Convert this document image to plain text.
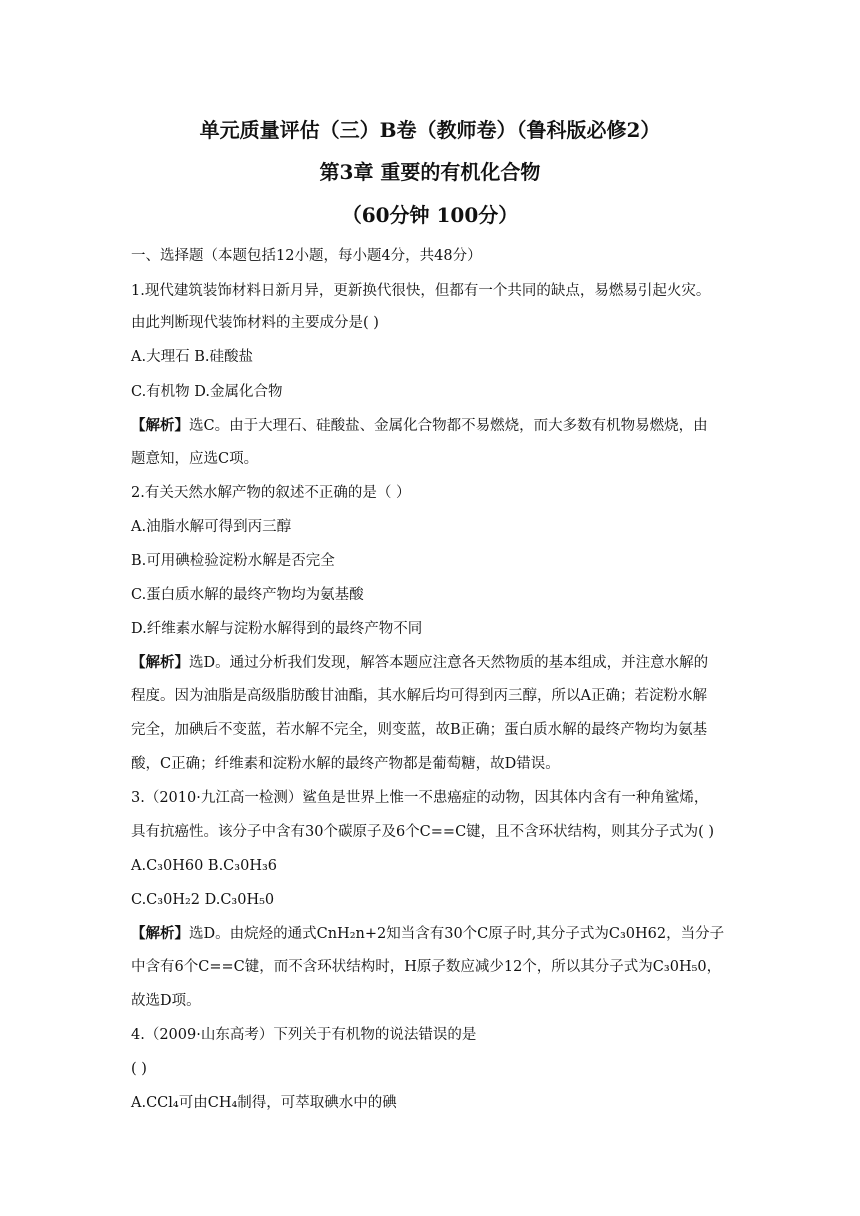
单元质量评估（三）B卷（教师卷）（鲁科版必修2）
第3章 重要的有机化合物
（60分钟 100分）
一、选择题（本题包括12小题，每小题4分，共48分）
1.现代建筑装饰材料日新月异，更新换代很快，但都有一个共同的缺点，易燃易引起火灾。
由此判断现代装饰材料的主要成分是( )
A.大理石 B.硅酸盐
C.有机物 D.金属化合物
【解析】选C。由于大理石、硅酸盐、金属化合物都不易燃烧，而大多数有机物易燃烧，由
题意知，应选C项。
2.有关天然水解产物的叙述不正确的是（ ）
A.油脂水解可得到丙三醇
B.可用碘检验淀粉水解是否完全
C.蛋白质水解的最终产物均为氨基酸
D.纤维素水解与淀粉水解得到的最终产物不同
【解析】选D。通过分析我们发现，解答本题应注意各天然物质的基本组成，并注意水解的
程度。因为油脂是高级脂肪酸甘油酯，其水解后均可得到丙三醇，所以A正确；若淀粉水解
完全，加碘后不变蓝，若水解不完全，则变蓝，故B正确；蛋白质水解的最终产物均为氨基
酸，C正确；纤维素和淀粉水解的最终产物都是葡萄糖，故D错误。
3.（2010·九江高一检测）鲨鱼是世界上惟一不患癌症的动物，因其体内含有一种角鲨烯，
具有抗癌性。该分子中含有30个碳原子及6个C==C键，且不含环状结构，则其分子式为( )
A.C₃0H60 B.C₃0H₃6
C.C₃0H₂2 D.C₃0H₅0
【解析】选D。由烷烃的通式CnH₂n+2知当含有30个C原子时,其分子式为C₃0H62，当分子
中含有6个C==C键，而不含环状结构时，H原子数应减少12个，所以其分子式为C₃0H₅0，
故选D项。
4.（2009·山东高考）下列关于有机物的说法错误的是
( )
A.CCl₄可由CH₄制得，可萃取碘水中的碘
